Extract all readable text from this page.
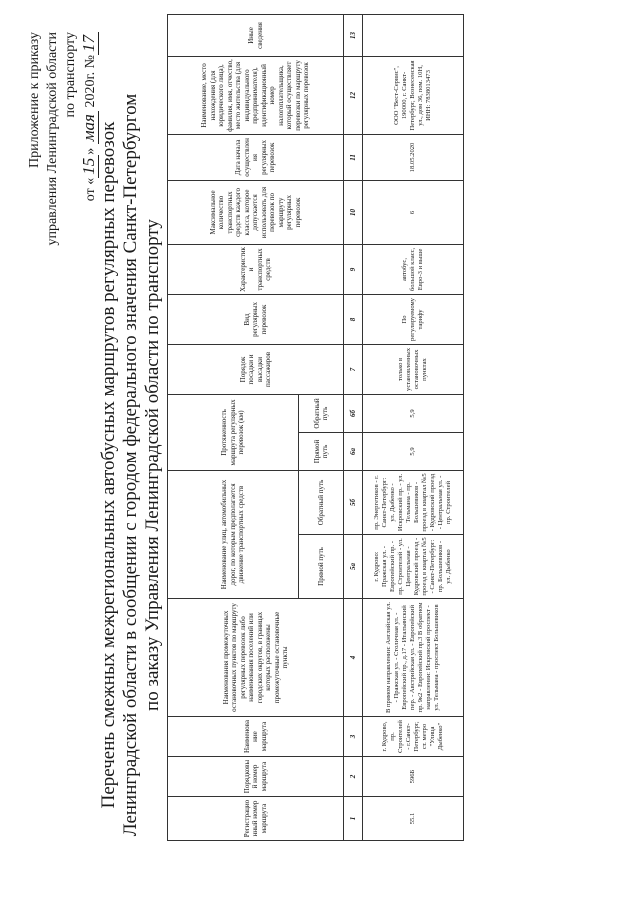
Приложение к приказу управления Ленинградской области по транспорту
от «15» мая 2020г. №17
Перечень смежных межрегиональных автобусных маршрутов регулярных перевозок Ленинградской области в сообщении с городом федерального значения Санкт-Петербургом по заказу Управления Ленинградской области по транспорту
Регистрационный номер маршрута	Порядковый номер маршрута	Наименование маршрута	Наименования промежуточных остановочных пунктов по маршруту регулярных перевозок либо наименования поселений или городских округов, в границах которых расположены промежуточные остановочные пункты	Наименование улиц, автомобильных дорог, по которым предполагается движение транспортных средств		Протяженность маршрута регулярных перевозок (км)		Порядок посадки и высадки пассажиров	Вид регулярных перевозок	Характеристики транспортных средств	Максимальное количество транспортных средств каждого класса, которое допускается использовать для перевозок по маршруту регулярных перевозок	Дата начала осуществления регулярных перевозок	Наименование, место нахождения (для юридического лица), фамилия, имя, отчество, место жительства (для индивидуального предпринимателя), идентификационный номер налогоплательщика, который осуществляет перевозки по маршруту регулярных перевозок	Иные сведения
				Прямой путь	Обратный путь	Прямой путь	Обратный путь							
1	2	3	4	5а	5б	6а	6б	7	8	9	10	11	12	13
55.1	596Б	г. Кудрово, пр. Строителей - г.Санкт-Петербург, ст. метро "Улица Дыбенко"	В прямом направлении: Английская ул. - Пражская ул. - Столичная ул. - Европейский пр., д.17 - Италъянский пер. - Австрийская ул. - Европейский пр. 9к2 - Европейский пр.3 В обратном направлении: Искровский проспект - ул. Тельмана - проспект Большевиков	г. Кудрово: Пражская ул. - Европейский пр. - пр. Строителей - ул. Центральная - Кудровский проезд - проезд в квартал №5 - Санкт-Петербург: пр. Большевиков - ул. Дыбенко	пр. Энергетиков - г. Санкт-Петербург: ул. Дыбенко - Искровский пр. - ул. Тельмана - пр. Большевиков - проезд в квартал №5 - Кудровский проезд - Центральная ул. - пр. Строителей	5,9	5,9	только в установленных остановочных пунктах	По регулируемому тарифу	автобус, большой класс, Евро-3 и выше	6	18.05.2020	ООО "Вест-Сервис", 190000, г. Санкт-Петербург, Вознесенская ул., дом 36, пом. 10Н, ИНН: 7838013473	
